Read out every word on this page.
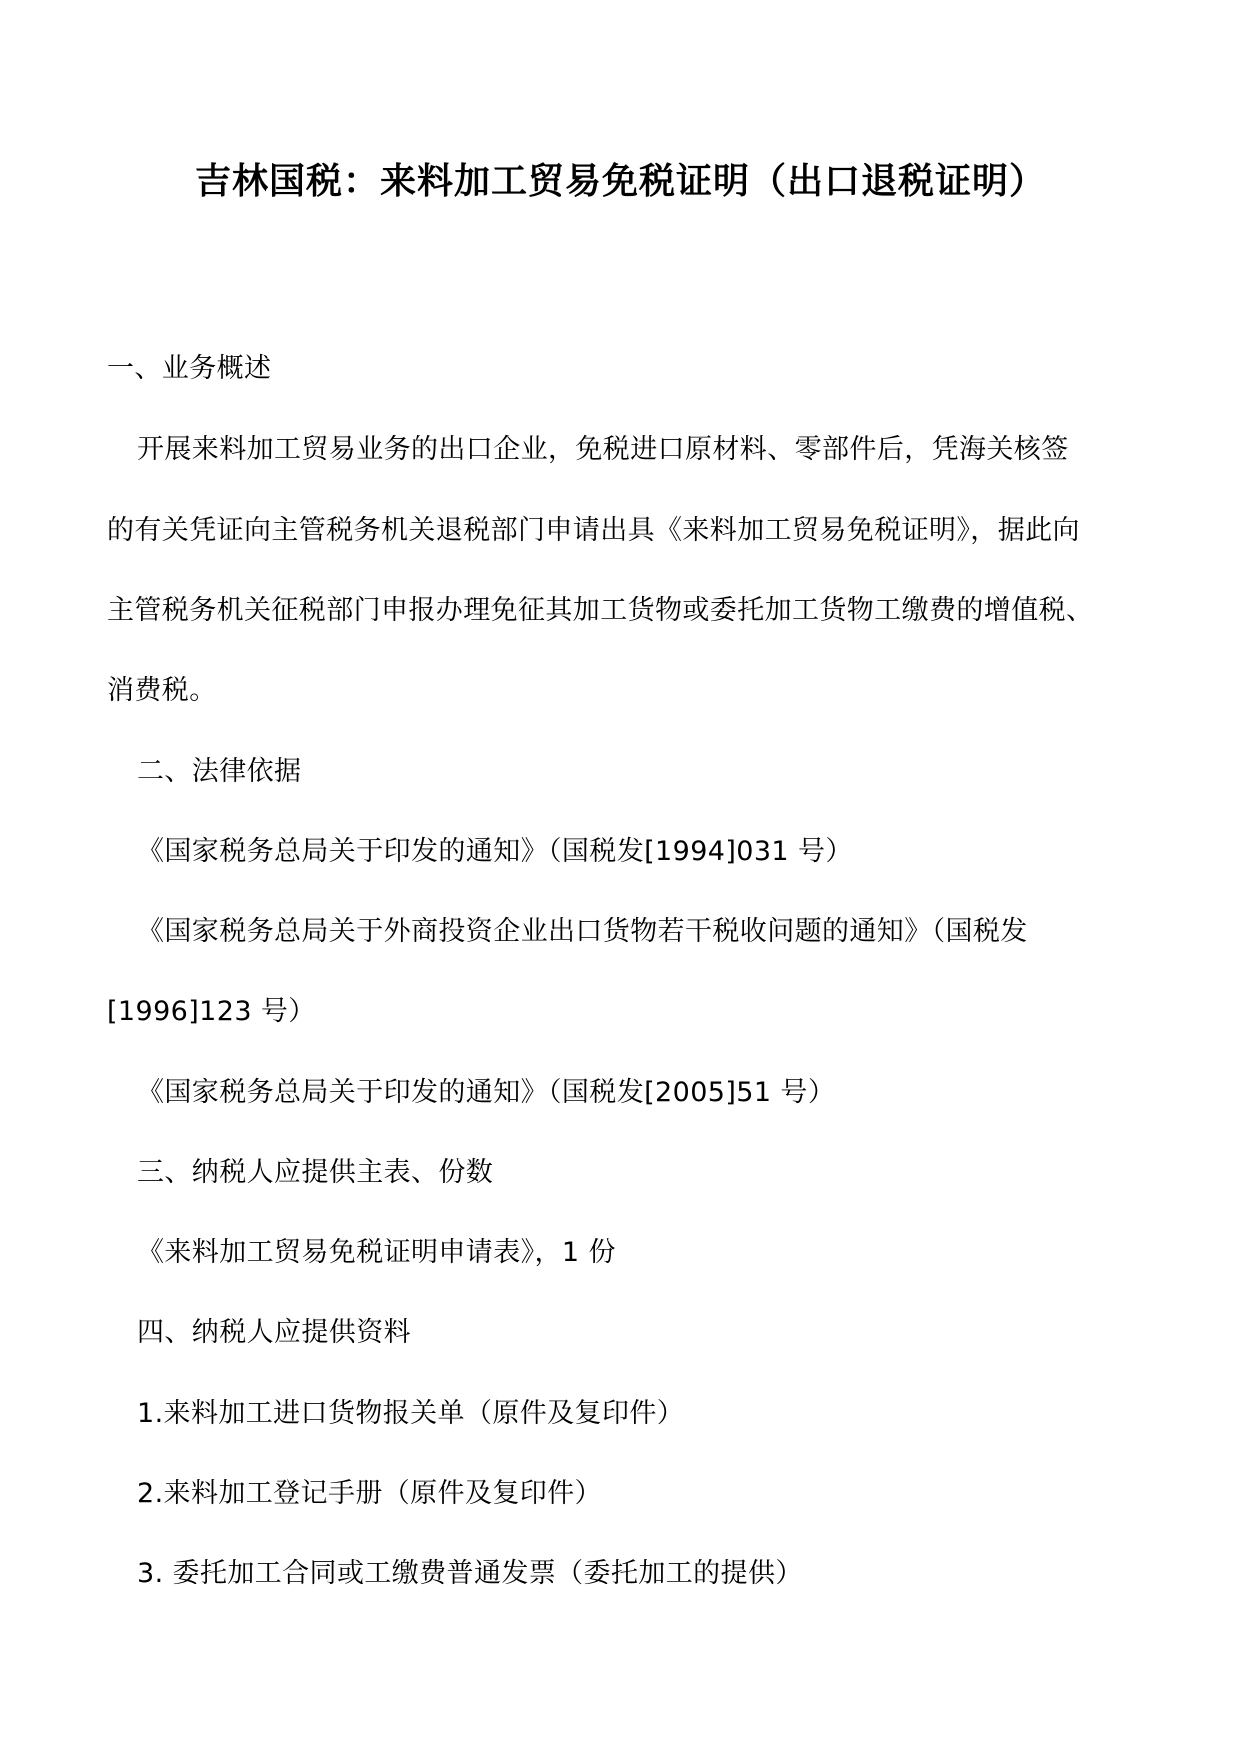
吉林国税：来料加工贸易免税证明（出口退税证明）
一、业务概述
开展来料加工贸易业务的出口企业，免税进口原材料、零部件后，凭海关核签
的有关凭证向主管税务机关退税部门申请出具《来料加工贸易免税证明》，据此向
主管税务机关征税部门申报办理免征其加工货物或委托加工货物工缴费的增值税、
消费税。
二、法律依据
《国家税务总局关于印发的通知》（国税发[1994]031 号）
《国家税务总局关于外商投资企业出口货物若干税收问题的通知》（国税发
[1996]123 号）
《国家税务总局关于印发的通知》（国税发[2005]51 号）
三、纳税人应提供主表、份数
《来料加工贸易免税证明申请表》，1 份
四、纳税人应提供资料
1.来料加工进口货物报关单（原件及复印件）
2.来料加工登记手册（原件及复印件）
3. 委托加工合同或工缴费普通发票（委托加工的提供）
